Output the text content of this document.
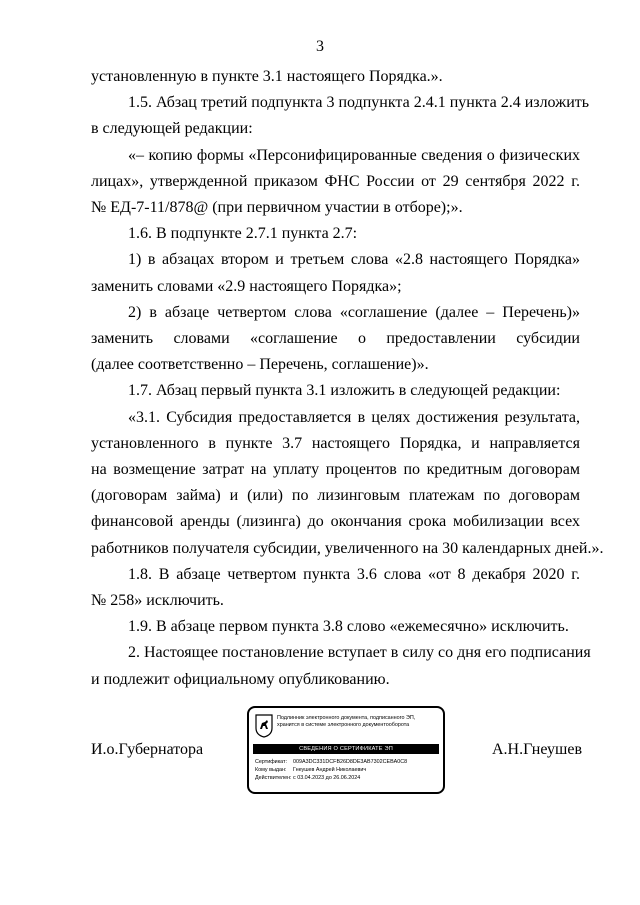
3
установленную в пункте 3.1 настоящего Порядка.».
1.5. Абзац третий подпункта 3 подпункта 2.4.1 пункта 2.4 изложить
в следующей редакции:
«– копию формы «Персонифицированные сведения о физических
лицах», утвержденной приказом ФНС России от 29 сентября 2022 г.
№ ЕД-7-11/878@ (при первичном участии в отборе);».
1.6. В подпункте 2.7.1 пункта 2.7:
1) в абзацах втором и третьем слова «2.8 настоящего Порядка»
заменить словами «2.9 настоящего Порядка»;
2) в абзаце четвертом слова «соглашение (далее – Перечень)»
заменить словами «соглашение о предоставлении субсидии
(далее соответственно – Перечень, соглашение)».
1.7. Абзац первый пункта 3.1 изложить в следующей редакции:
«3.1. Субсидия предоставляется в целях достижения результата,
установленного в пункте 3.7 настоящего Порядка, и направляется
на возмещение затрат на уплату процентов по кредитным договорам
(договорам займа) и (или) по лизинговым платежам по договорам
финансовой аренды (лизинга) до окончания срока мобилизации всех
работников получателя субсидии, увеличенного на 30 календарных дней.».
1.8. В абзаце четвертом пункта 3.6 слова «от 8 декабря 2020 г.
№ 258» исключить.
1.9. В абзаце первом пункта 3.8 слово «ежемесячно» исключить.
2. Настоящее постановление вступает в силу со дня его подписания
и подлежит официальному опубликованию.
И.о.Губернатора	А.Н.Гнеушев
Подлинник электронного документа, подписанного ЭП,
хранится в системе электронного документооборота
СВЕДЕНИЯ О СЕРТИФИКАТЕ ЭП
Сертификат: 009A3DC331DCFB26D8DE3AB7302CEBA0C8
Кому выдан: Гнеушев Андрей Николаевич
Действителен:с 03.04.2023 до 26.06.2024
